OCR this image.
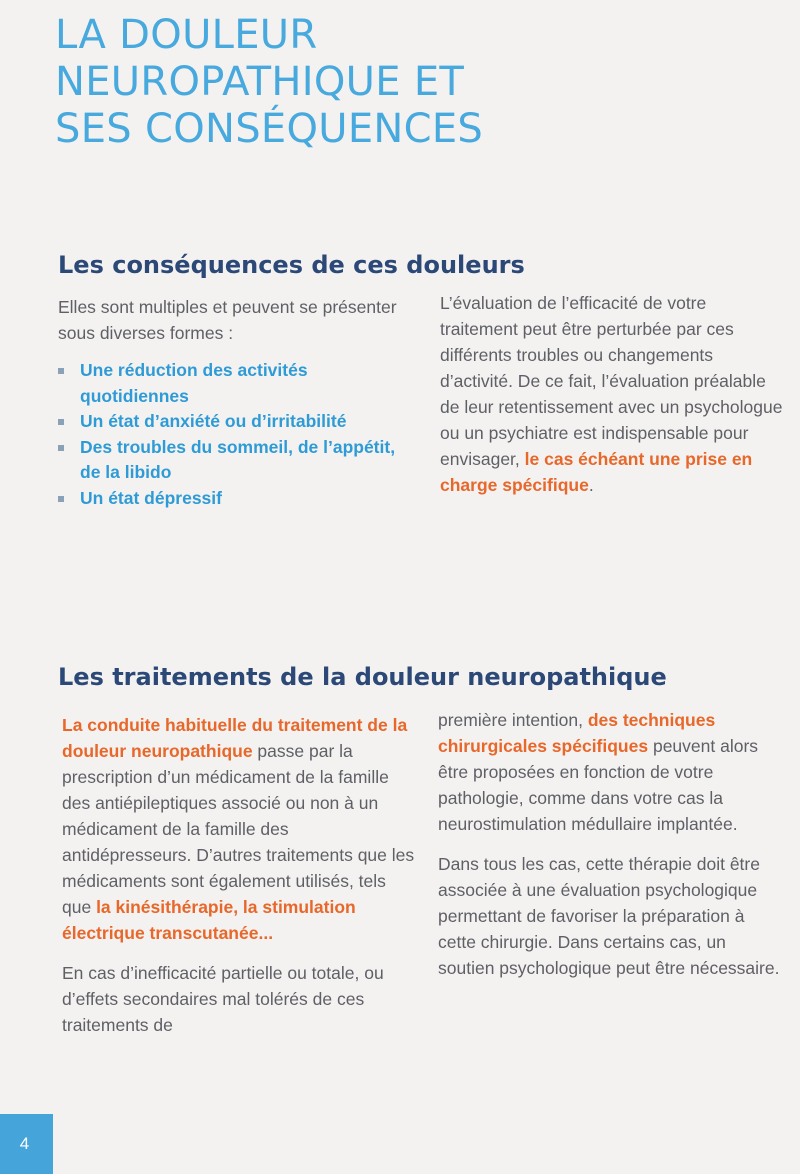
LA DOULEUR
NEUROPATHIQUE ET
SES CONSÉQUENCES
Les conséquences de ces douleurs

Elles sont multiples et peuvent se présenter sous diverses formes :

Une réduction des activités quotidiennes
Un état d’anxiété ou d’irritabilité
Des troubles du sommeil, de l’appétit, de la libido
Un état dépressif

L’évaluation de l’efficacité de votre traitement peut être perturbée par ces différents troubles ou changements d’activité. De ce fait, l’évaluation préalable de leur retentissement avec un psychologue ou un psychiatre est indispensable pour envisager, le cas échéant une prise en charge spécifique.

Les traitements de la douleur neuropathique

La conduite habituelle du traitement de la douleur neuropathique passe par la prescription d’un médicament de la famille des antiépileptiques associé ou non à un médicament de la famille des antidépresseurs. D’autres traitements que les médicaments sont également utilisés, tels que la kinésithérapie, la stimulation électrique transcutanée...

En cas d’inefficacité partielle ou totale, ou d’effets secondaires mal tolérés de ces traitements de

première intention, des techniques chirurgicales spécifiques peuvent alors être proposées en fonction de votre pathologie, comme dans votre cas la neurostimulation médullaire implantée.

Dans tous les cas, cette thérapie doit être associée à une évaluation psychologique permettant de favoriser la préparation à cette chirurgie. Dans certains cas, un soutien psychologique peut être nécessaire.

4
